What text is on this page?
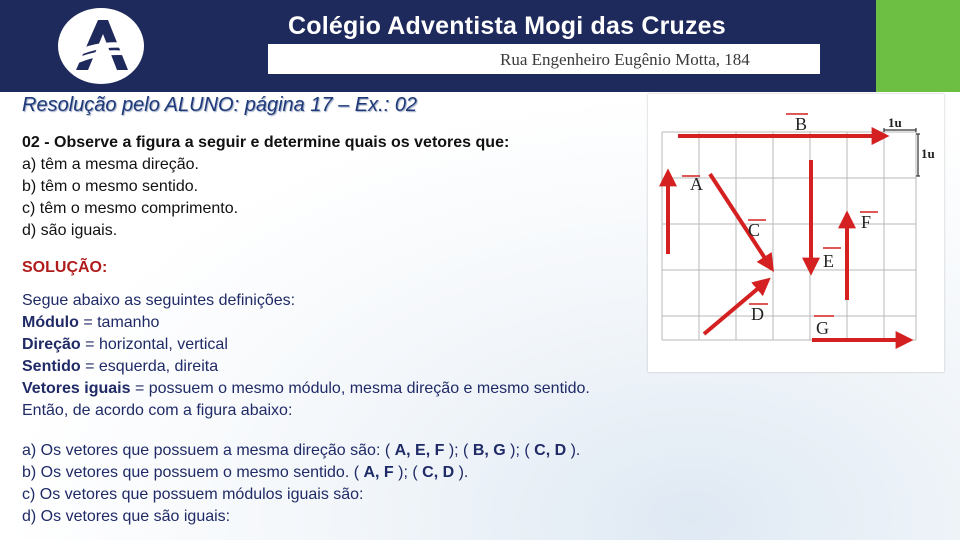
Colégio Adventista Mogi das Cruzes
Rua Engenheiro Eugênio Motta, 184
Resolução pelo ALUNO: página 17 – Ex.: 02
02 - Observe a figura a seguir e determine quais os vetores que:
a) têm a mesma direção.
b) têm o mesmo sentido.
c) têm o mesmo comprimento.
d) são iguais.
SOLUÇÃO:
Segue abaixo as seguintes definições:
Módulo = tamanho
Direção = horizontal, vertical
Sentido = esquerda, direita
Vetores iguais = possuem o mesmo módulo, mesma direção e mesmo sentido.
Então, de acordo com a figura abaixo:
a) Os vetores que possuem a mesma direção são: ( A, E, F ); ( B, G ); ( C, D ).
b) Os vetores que possuem o mesmo sentido. ( A, F ); ( C, D ).
c) Os vetores que possuem módulos iguais são:
d) Os vetores que são iguais:
A
B
C
D
E
F
G
1u
1u
